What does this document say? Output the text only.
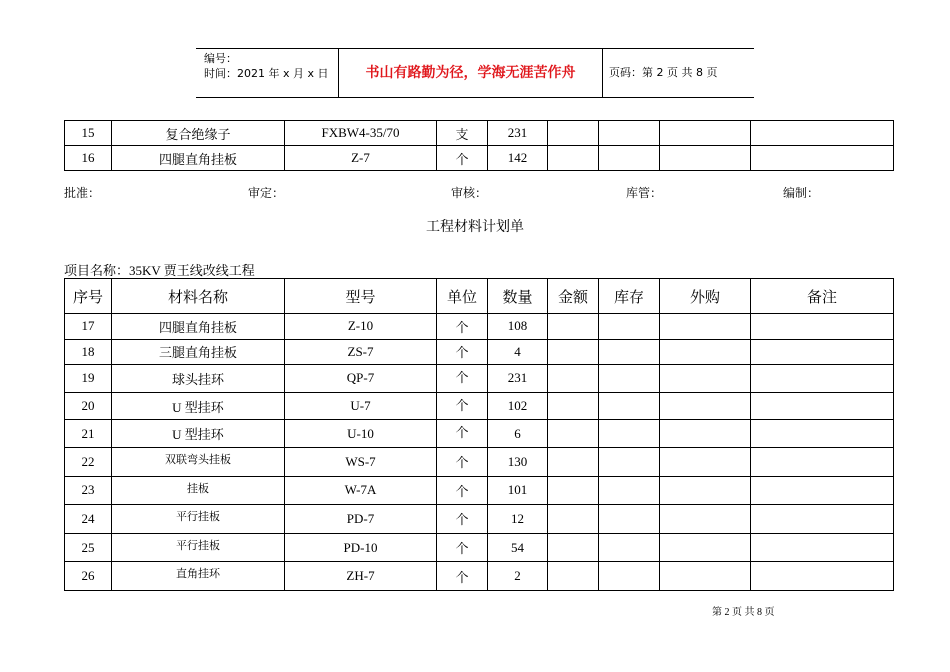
编号：
时间：2021 年 x 月 x 日	书山有路勤为径，学海无涯苦作舟	页码：第 2 页 共 8 页
15	复合绝缘子	FXBW4-35/70	支	231				
16	四腿直角挂板	Z-7	个	142				
批准：	审定：	审核：	库管：	编制：
工程材料计划单
项目名称：35KV 贾王线改线工程
序号	材料名称	型号	单位	数量	金额	库存	外购	备注
17	四腿直角挂板	Z-10	个	108				
18	三腿直角挂板	ZS-7	个	4				
19	球头挂环	QP-7	个	231				
20	U 型挂环	U-7	个	102				
21	U 型挂环	U-10	个	6				
22	双联弯头挂板	WS-7	个	130				
23	挂板	W-7A	个	101				
24	平行挂板	PD-7	个	12				
25	平行挂板	PD-10	个	54				
26	直角挂环	ZH-7	个	2				
第 2 页 共 8 页
